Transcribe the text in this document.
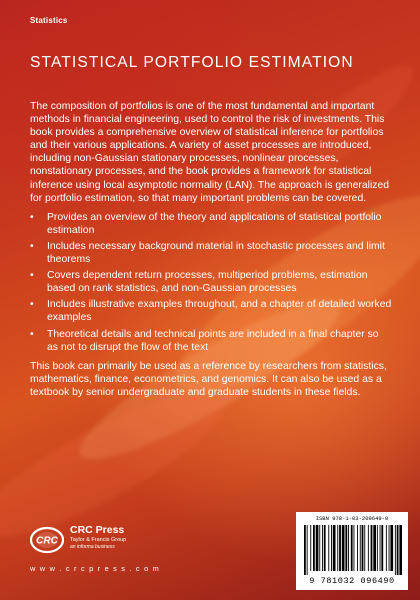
Statistics
STATISTICAL PORTFOLIO ESTIMATION

The composition of portfolios is one of the most fundamental and important methods in financial engineering, used to control the risk of investments. This book provides a comprehensive overview of statistical inference for portfolios and their various applications. A variety of asset processes are introduced, including non-Gaussian stationary processes, nonlinear processes, nonstationary processes, and the book provides a framework for statistical inference using local asymptotic normality (LAN). The approach is generalized for portfolio estimation, so that many important problems can be covered.

• Provides an overview of the theory and applications of statistical portfolio estimation
• Includes necessary background material in stochastic processes and limit theorems
• Covers dependent return processes, multiperiod problems, estimation based on rank statistics, and non-Gaussian processes
• Includes illustrative examples throughout, and a chapter of detailed worked examples
• Theoretical details and technical points are included in a final chapter so as not to disrupt the flow of the text

This book can primarily be used as a reference by researchers from statistics, mathematics, finance, econometrics, and genomics. It can also be used as a textbook by senior undergraduate and graduate students in these fields.

CRC
CRC Press
Taylor & Francis Group
an informa business
w w w . c r c p r e s s . c o m
ISBN 978-1-03-209649-0
9 781032 096490
